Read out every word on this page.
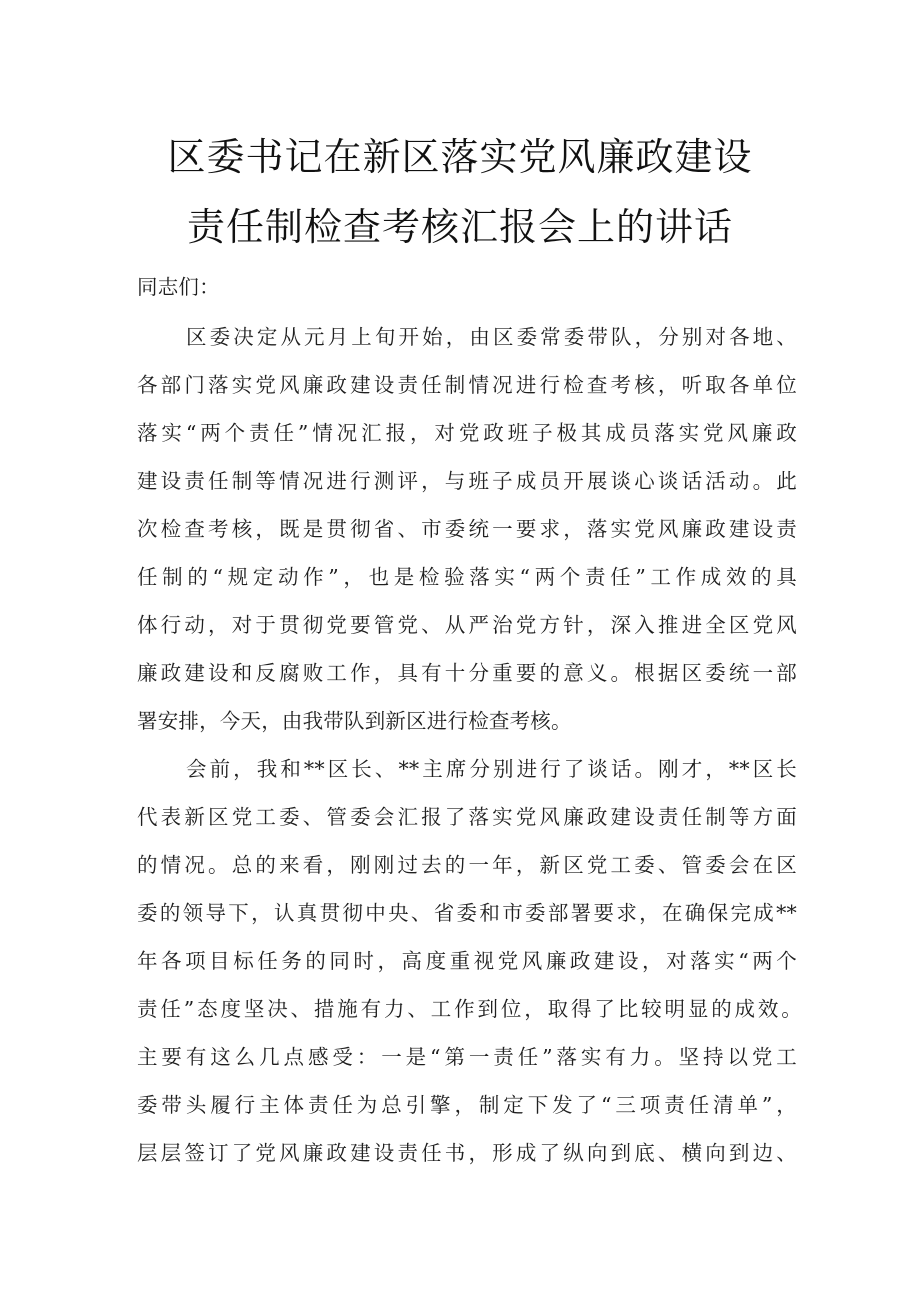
区委书记在新区落实党风廉政建设
责任制检查考核汇报会上的讲话
同志们：
区委决定从元月上旬开始，由区委常委带队，分别对各地、
各部门落实党风廉政建设责任制情况进行检查考核，听取各单位
落实“两个责任”情况汇报，对党政班子极其成员落实党风廉政
建设责任制等情况进行测评，与班子成员开展谈心谈话活动。此
次检查考核，既是贯彻省、市委统一要求，落实党风廉政建设责
任制的“规定动作”，也是检验落实“两个责任”工作成效的具
体行动，对于贯彻党要管党、从严治党方针，深入推进全区党风
廉政建设和反腐败工作，具有十分重要的意义。根据区委统一部
署安排，今天，由我带队到新区进行检查考核。
会前，我和**区长、**主席分别进行了谈话。刚才，**区长
代表新区党工委、管委会汇报了落实党风廉政建设责任制等方面
的情况。总的来看，刚刚过去的一年，新区党工委、管委会在区
委的领导下，认真贯彻中央、省委和市委部署要求，在确保完成**
年各项目标任务的同时，高度重视党风廉政建设，对落实“两个
责任”态度坚决、措施有力、工作到位，取得了比较明显的成效。
主要有这么几点感受：一是“第一责任”落实有力。坚持以党工
委带头履行主体责任为总引擎，制定下发了“三项责任清单”，
层层签订了党风廉政建设责任书，形成了纵向到底、横向到边、
